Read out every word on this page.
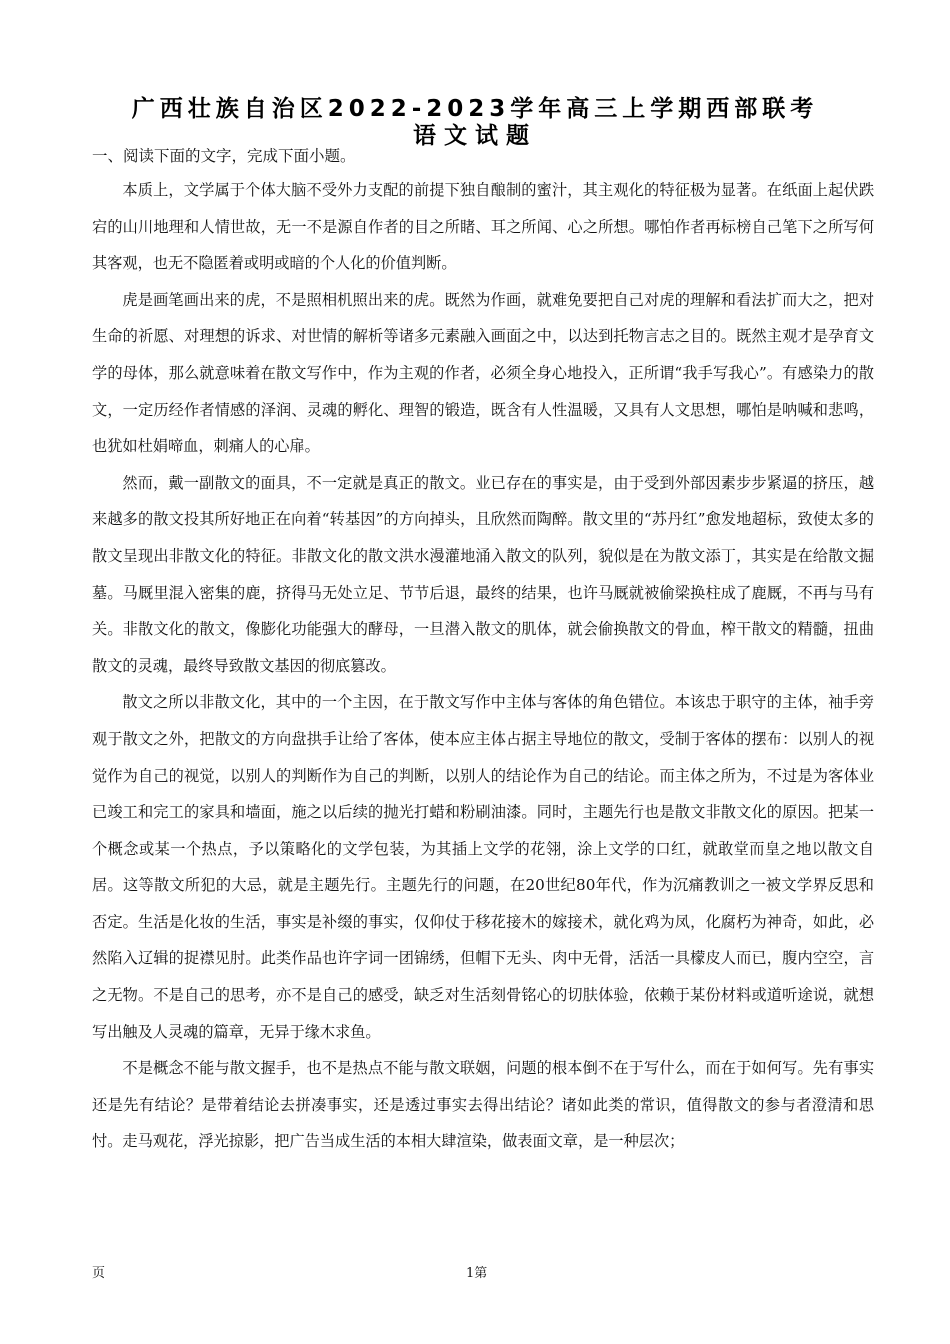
广西壮族自治区2022-2023学年高三上学期西部联考
语文试题
一、阅读下面的文字，完成下面小题。

本质上，文学属于个体大脑不受外力支配的前提下独自酿制的蜜汁，其主观化的特征极为显著。在纸面上起伏跌宕的山川地理和人情世故，无一不是源自作者的目之所睹、耳之所闻、心之所想。哪怕作者再标榜自己笔下之所写何其客观，也无不隐匿着或明或暗的个人化的价值判断。

虎是画笔画出来的虎，不是照相机照出来的虎。既然为作画，就难免要把自己对虎的理解和看法扩而大之，把对生命的祈愿、对理想的诉求、对世情的解析等诸多元素融入画面之中，以达到托物言志之目的。既然主观才是孕育文学的母体，那么就意味着在散文写作中，作为主观的作者，必须全身心地投入，正所谓“我手写我心”。有感染力的散文，一定历经作者情感的泽润、灵魂的孵化、理智的锻造，既含有人性温暖，又具有人文思想，哪怕是呐喊和悲鸣，也犹如杜娟啼血，刺痛人的心扉。

然而，戴一副散文的面具，不一定就是真正的散文。业已存在的事实是，由于受到外部因素步步紧逼的挤压，越来越多的散文投其所好地正在向着“转基因”的方向掉头，且欣然而陶醉。散文里的“苏丹红”愈发地超标，致使太多的散文呈现出非散文化的特征。非散文化的散文洪水漫灌地涌入散文的队列，貌似是在为散文添丁，其实是在给散文掘墓。马厩里混入密集的鹿，挤得马无处立足、节节后退，最终的结果，也许马厩就被偷梁换柱成了鹿厩，不再与马有关。非散文化的散文，像膨化功能强大的酵母，一旦潜入散文的肌体，就会偷换散文的骨血，榨干散文的精髓，扭曲散文的灵魂，最终导致散文基因的彻底篡改。

散文之所以非散文化，其中的一个主因，在于散文写作中主体与客体的角色错位。本该忠于职守的主体，袖手旁观于散文之外，把散文的方向盘拱手让给了客体，使本应主体占据主导地位的散文，受制于客体的摆布：以别人的视觉作为自己的视觉，以别人的判断作为自己的判断，以别人的结论作为自己的结论。而主体之所为，不过是为客体业已竣工和完工的家具和墙面，施之以后续的抛光打蜡和粉刷油漆。同时，主题先行也是散文非散文化的原因。把某一个概念或某一个热点，予以策略化的文学包装，为其插上文学的花翎，涂上文学的口红，就敢堂而皇之地以散文自居。这等散文所犯的大忌，就是主题先行。主题先行的问题，在20世纪80年代，作为沉痛教训之一被文学界反思和否定。生活是化妆的生活，事实是补缀的事实，仅仰仗于移花接木的嫁接术，就化鸡为凤，化腐朽为神奇，如此，必然陷入辽辑的捉襟见肘。此类作品也许字词一团锦绣，但帽下无头、肉中无骨，活活一具檬皮人而已，腹内空空，言之无物。不是自己的思考，亦不是自己的感受，缺乏对生活刻骨铭心的切肤体验，依赖于某份材料或道听途说，就想写出触及人灵魂的篇章，无异于缘木求鱼。

不是概念不能与散文握手，也不是热点不能与散文联姻，问题的根本倒不在于写什么，而在于如何写。先有事实还是先有结论？是带着结论去拼凑事实，还是透过事实去得出结论？诸如此类的常识，值得散文的参与者澄清和思忖。走马观花，浮光掠影，把广告当成生活的本相大肆渲染，做表面文章，是一种层次；

页	1第
